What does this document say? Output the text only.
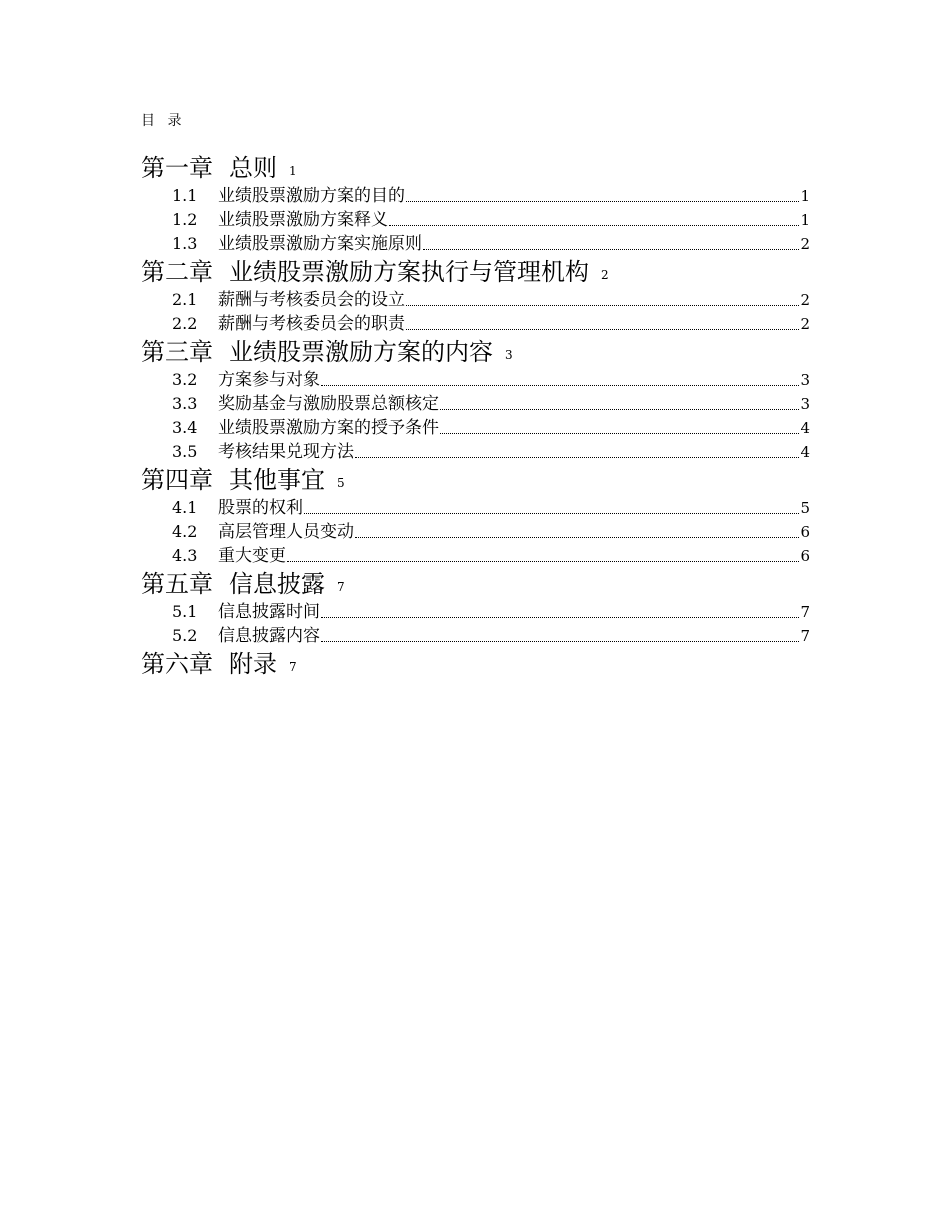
目 录
第一章 总则 1
1.1	业绩股票激励方案的目的	1
1.2	业绩股票激励方案释义	1
1.3	业绩股票激励方案实施原则	2
第二章 业绩股票激励方案执行与管理机构 2
2.1	薪酬与考核委员会的设立	2
2.2	薪酬与考核委员会的职责	2
第三章 业绩股票激励方案的内容 3
3.2	方案参与对象	3
3.3	奖励基金与激励股票总额核定	3
3.4	业绩股票激励方案的授予条件	4
3.5	考核结果兑现方法	4
第四章 其他事宜 5
4.1	股票的权利	5
4.2	高层管理人员变动	6
4.3	重大变更	6
第五章 信息披露 7
5.1	信息披露时间	7
5.2	信息披露内容	7
第六章 附录 7
